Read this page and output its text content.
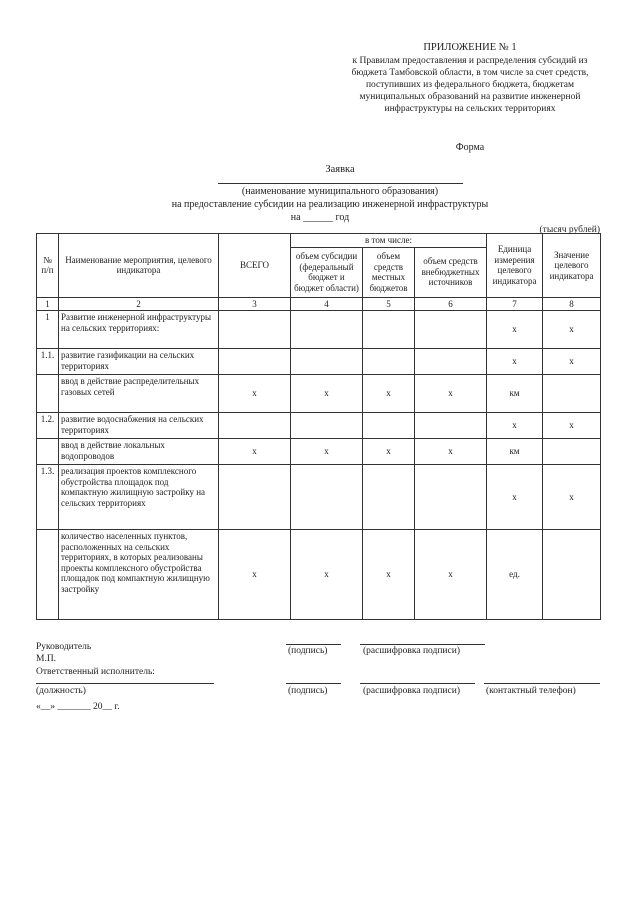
ПРИЛОЖЕНИЕ № 1
к Правилам предоставления и распределения субсидий из
бюджета Тамбовской области, в том числе за счет средств,
поступивших из федерального бюджета, бюджетам
муниципальных образований на развитие инженерной
инфраструктуры на сельских территориях
Форма
Заявка
(наименование муниципального образования)
на предоставление субсидии на реализацию инженерной инфраструктуры
на ______ год
(тысяч рублей)
№ п/п	Наименование мероприятия, целевого индикатора	ВСЕГО	в том числе:			Единица измерения целевого индикатора	Значение целевого индикатора
			объем субсидии (федеральный бюджет и бюджет области)	объем средств местных бюджетов	объем средств внебюджетных источников		
1	2	3	4	5	6	7	8
1	Развитие инженерной инфраструктуры на сельских территориях:					x	x
1.1.	развитие газификации на сельских территориях					x	x
	ввод в действие распределительных газовых сетей	x	x	x	x	км	
1.2.	развитие водоснабжения на сельских территориях					x	x
	ввод в действие локальных водопроводов	x	x	x	x	км	
1.3.	реализация проектов комплексного обустройства площадок под компактную жилищную застройку на сельских территориях					x	x
	количество населенных пунктов, расположенных на сельских территориях, в которых реализованы проекты комплексного обустройства площадок под компактную жилищную застройку	x	x	x	x	ед.	
Руководитель
М.П.
(подпись)	(расшифровка подписи)
Ответственный исполнитель:
(должность)	(подпись)	(расшифровка подписи)	(контактный телефон)
«__» _______ 20__ г.
